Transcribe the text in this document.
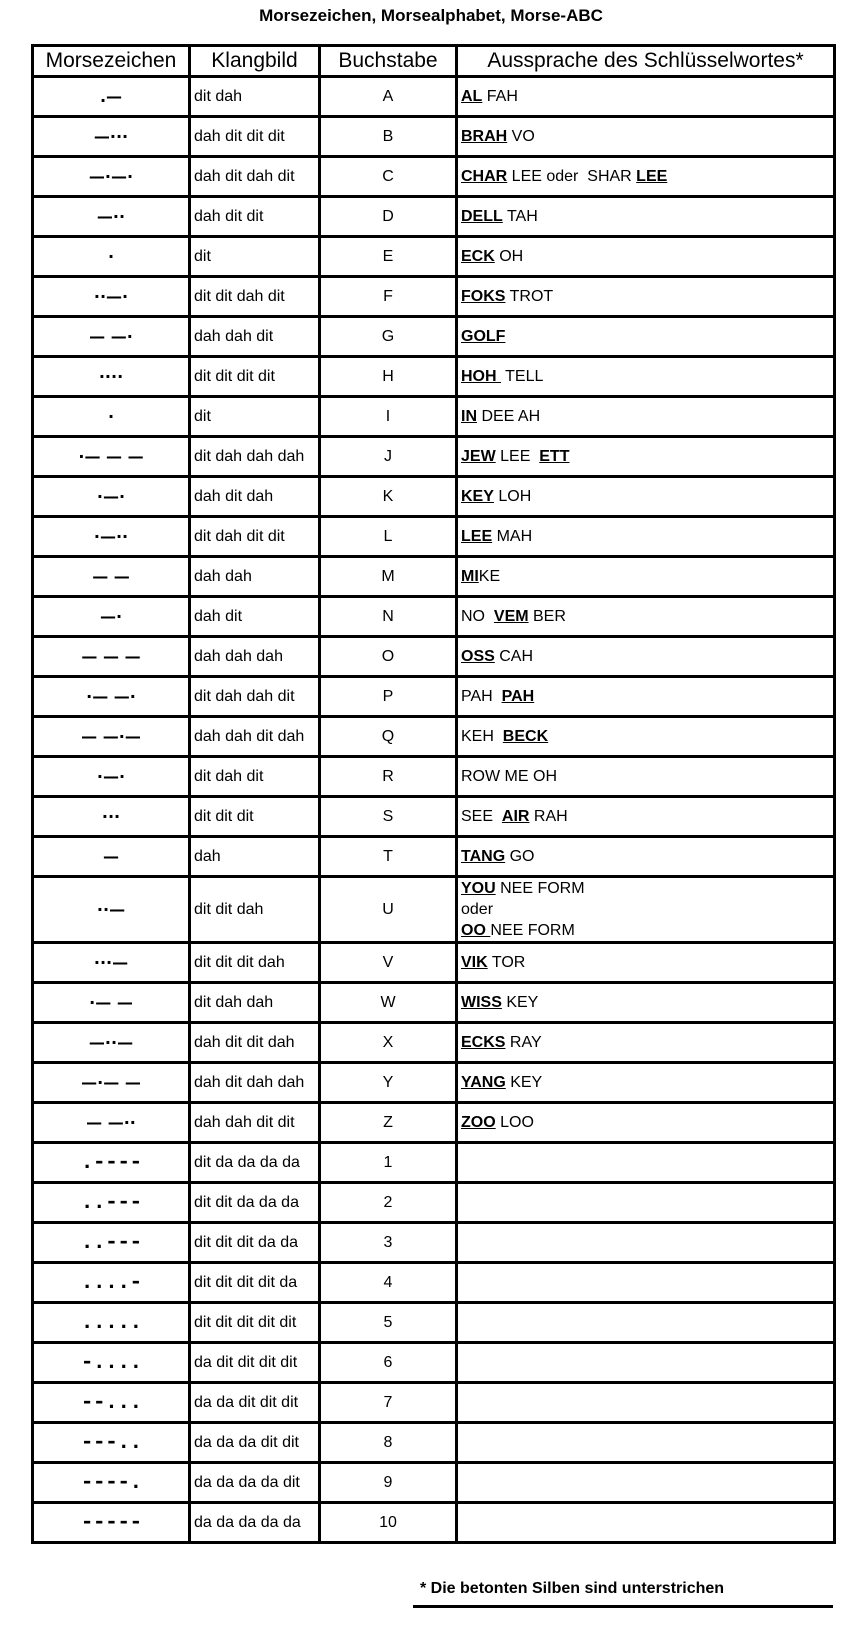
Morsezeichen, Morsealphabet, Morse-ABC
Morsezeichen	Klangbild	Buchstabe	Aussprache des Schlüsselwortes*
.—	dit dah	A	AL FAH

—···	dah dit dit dit	B	BRAH VO

—·—·	dah dit dah dit	C	CHAR LEE oder  SHAR LEE

—··	dah dit dit	D	DELL TAH

·	dit	E	ECK OH

··—·	dit dit dah dit	F	FOKS TROT

— —·	dah dah dit	G	GOLF

····	dit dit dit dit	H	HOH  TELL

·	dit	I	IN DEE AH

·— — —	dit dah dah dah	J	JEW LEE  ETT

·—·	dah dit dah	K	KEY LOH

·—··	dit dah dit dit	L	LEE MAH

— —	dah dah	M	MIKE

—·	dah dit	N	NO  VEM BER

— — —	dah dah dah	O	OSS CAH

·— —·	dit dah dah dit	P	PAH  PAH

— —·—	dah dah dit dah	Q	KEH  BECK

·—·	dit dah dit	R	ROW ME OH

···	dit dit dit	S	SEE  AIR RAH

—	dah	T	TANG GO

··—	dit dit dah	U	YOU NEE FORM
oder
OO NEE FORM

···—	dit dit dit dah	V	VIK TOR

·— —	dit dah dah	W	WISS KEY

—··—	dah dit dit dah	X	ECKS RAY

—·— —	dah dit dah dah	Y	YANG KEY

— —··	dah dah dit dit	Z	ZOO LOO

.----	dit da da da da	1	
..---	dit dit da da da	2	
..---	dit dit dit da da	3	
....-	dit dit dit dit da	4	
.....	dit dit dit dit dit	5	
-....	da dit dit dit dit	6	
--...	da da dit dit dit	7	
---..	da da da dit dit	8	
----.	da da da da dit	9	
-----	da da da da da	10	
* Die betonten Silben sind unterstrichen
